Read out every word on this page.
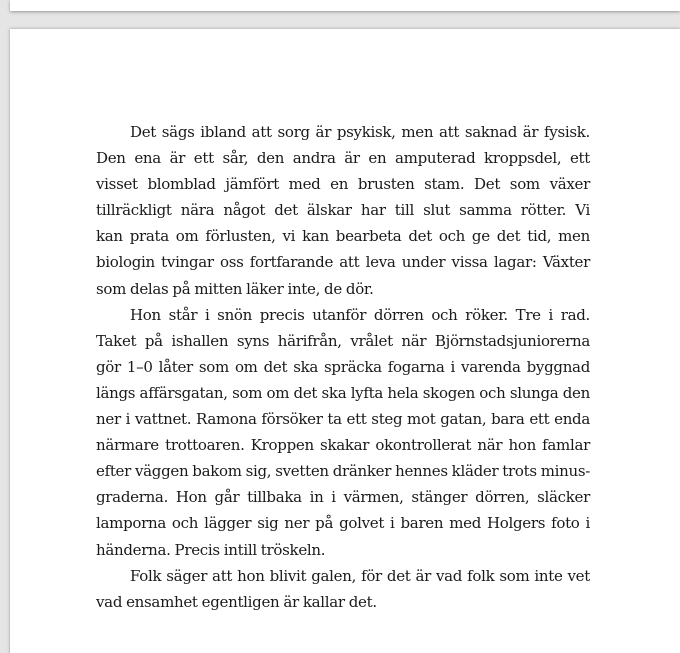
Det sägs ibland att sorg är psykisk, men att saknad är fysisk.
Den ena är ett sår, den andra är en amputerad kroppsdel, ett
visset blomblad jämfört med en brusten stam. Det som växer
tillräckligt nära något det älskar har till slut samma rötter. Vi
kan prata om förlusten, vi kan bearbeta det och ge det tid, men
biologin tvingar oss fortfarande att leva under vissa lagar: Växter
som delas på mitten läker inte, de dör.
Hon står i snön precis utanför dörren och röker. Tre i rad.
Taket på ishallen syns härifrån, vrålet när Björnstadsjuniorerna
gör 1–0 låter som om det ska spräcka fogarna i varenda byggnad
längs affärsgatan, som om det ska lyfta hela skogen och slunga den
ner i vattnet. Ramona försöker ta ett steg mot gatan, bara ett enda
närmare trottoaren. Kroppen skakar okontrollerat när hon famlar
efter väggen bakom sig, svetten dränker hennes kläder trots minus-
graderna. Hon går tillbaka in i värmen, stänger dörren, släcker
lamporna och lägger sig ner på golvet i baren med Holgers foto i
händerna. Precis intill tröskeln.
Folk säger att hon blivit galen, för det är vad folk som inte vet
vad ensamhet egentligen är kallar det.
